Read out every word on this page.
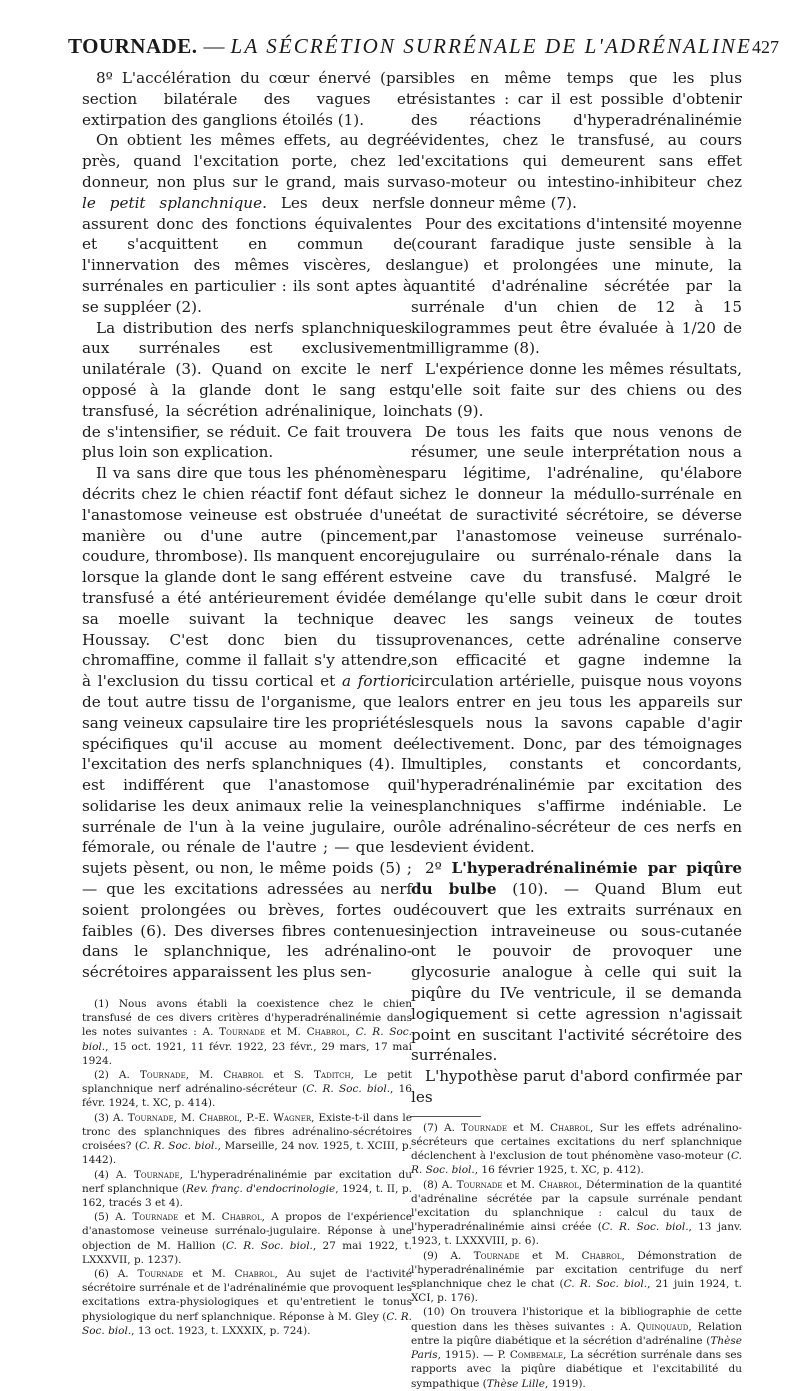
TOURNADE. — LA SÉCRÉTION SURRÉNALE DE L'ADRÉNALINE 427

8º L'accélération du cœur énervé (par section bilatérale des vagues et extirpation des ganglions étoilés (1).

On obtient les mêmes effets, au degré près, quand l'excitation porte, chez le donneur, non plus sur le grand, mais sur le petit splanchnique. Les deux nerfs assurent donc des fonctions équivalentes et s'acquittent en commun de l'innervation des mêmes viscères, des surrénales en particulier : ils sont aptes à se suppléer (2).

La distribution des nerfs splanchniques aux surrénales est exclusivement unilatérale (3). Quand on excite le nerf opposé à la glande dont le sang est transfusé, la sécrétion adrénalinique, loin de s'intensifier, se réduit. Ce fait trouvera plus loin son explication.

Il va sans dire que tous les phénomènes décrits chez le chien réactif font défaut si l'anastomose veineuse est obstruée d'une manière ou d'une autre (pincement, coudure, thrombose). Ils manquent encore lorsque la glande dont le sang efférent est transfusé a été antérieurement évidée de sa moelle suivant la technique de Houssay. C'est donc bien du tissu chromaffine, comme il fallait s'y attendre, à l'exclusion du tissu cortical et a fortiori de tout autre tissu de l'organisme, que le sang veineux capsulaire tire les propriétés spécifiques qu'il accuse au moment de l'excitation des nerfs splanchniques (4). Il est indifférent que l'anastomose qui solidarise les deux animaux relie la veine surrénale de l'un à la veine jugulaire, ou fémorale, ou rénale de l'autre ; — que les sujets pèsent, ou non, le même poids (5) ; — que les excitations adressées au nerf soient prolongées ou brèves, fortes ou faibles (6). Des diverses fibres contenues dans le splanchnique, les adrénalino-sécrétoires apparaissent les plus sen-

(1) Nous avons établi la coexistence chez le chien transfusé de ces divers critères d'hyperadrénalinémie dans les notes suivantes : A. Tournade et M. Chabrol, C. R. Soc. biol., 15 oct. 1921, 11 févr. 1922, 23 févr., 29 mars, 17 mai 1924.

(2) A. Tournade, M. Chabrol et S. Taditch, Le petit splanchnique nerf adrénalino-sécréteur (C. R. Soc. biol., 16 févr. 1924, t. XC, p. 414).

(3) A. Tournade, M. Chabrol, P.-E. Wagner, Existe-t-il dans le tronc des splanchniques des fibres adrénalino-sécrétoires croisées? (C. R. Soc. biol., Marseille, 24 nov. 1925, t. XCIII, p. 1442).

(4) A. Tournade, L'hyperadrénalinémie par excitation du nerf splanchnique (Rev. franç. d'endocrinologie, 1924, t. II, p. 162, tracés 3 et 4).

(5) A. Tournade et M. Chabrol, A propos de l'expérience d'anastomose veineuse surrénalo-jugulaire. Réponse à une objection de M. Hallion (C. R. Soc. biol., 27 mai 1922, t. LXXXVII, p. 1237).

(6) A. Tournade et M. Chabrol, Au sujet de l'activité sécrétoire surrénale et de l'adrénalinémie que provoquent les excitations extra-physiologiques et qu'entretient le tonus physiologique du nerf splanchnique. Réponse à M. Gley (C. R. Soc. biol., 13 oct. 1923, t. LXXXIX, p. 724).

sibles en même temps que les plus résistantes : car il est possible d'obtenir des réactions d'hyperadrénalinémie évidentes, chez le transfusé, au cours d'excitations qui demeurent sans effet vaso-moteur ou intestino-inhibiteur chez le donneur même (7).

Pour des excitations d'intensité moyenne (courant faradique juste sensible à la langue) et prolongées une minute, la quantité d'adrénaline sécrétée par la surrénale d'un chien de 12 à 15 kilogrammes peut être évaluée à 1/20 de milligramme (8).

L'expérience donne les mêmes résultats, qu'elle soit faite sur des chiens ou des chats (9).

De tous les faits que nous venons de résumer, une seule interprétation nous a paru légitime, l'adrénaline, qu'élabore chez le donneur la médullo-surrénale en état de suractivité sécrétoire, se déverse par l'anastomose veineuse surrénalo-jugulaire ou surrénalo-rénale dans la veine cave du transfusé. Malgré le mélange qu'elle subit dans le cœur droit avec les sangs veineux de toutes provenances, cette adrénaline conserve son efficacité et gagne indemne la circulation artérielle, puisque nous voyons alors entrer en jeu tous les appareils sur lesquels nous la savons capable d'agir électivement. Donc, par des témoignages multiples, constants et concordants, l'hyperadrénalinémie par excitation des splanchniques s'affirme indéniable. Le rôle adrénalino-sécréteur de ces nerfs en devient évident.

2º L'hyperadrénalinémie par piqûre du bulbe (10). — Quand Blum eut découvert que les extraits surrénaux en injection intraveineuse ou sous-cutanée ont le pouvoir de provoquer une glycosurie analogue à celle qui suit la piqûre du IVe ventricule, il se demanda logiquement si cette agression n'agissait point en suscitant l'activité sécrétoire des surrénales.

L'hypothèse parut d'abord confirmée par les

(7) A. Tournade et M. Chabrol, Sur les effets adrénalino-sécréteurs que certaines excitations du nerf splanchnique déclenchent à l'exclusion de tout phénomène vaso-moteur (C. R. Soc. biol., 16 février 1925, t. XC, p. 412).

(8) A. Tournade et M. Chabrol, Détermination de la quantité d'adrénaline sécrétée par la capsule surrénale pendant l'excitation du splanchnique : calcul du taux de l'hyperadrénalinémie ainsi créée (C. R. Soc. biol., 13 janv. 1923, t. LXXXVIII, p. 6).

(9) A. Tournade et M. Chabrol, Démonstration de l'hyperadrénalinémie par excitation centrifuge du nerf splanchnique chez le chat (C. R. Soc. biol., 21 juin 1924, t. XCI, p. 176).

(10) On trouvera l'historique et la bibliographie de cette question dans les thèses suivantes : A. Quinquaud, Relation entre la piqûre diabétique et la sécrétion d'adrénaline (Thèse Paris, 1915). — P. Combemale, La sécrétion surrénale dans ses rapports avec la piqûre diabétique et l'excitabilité du sympathique (Thèse Lille, 1919).
